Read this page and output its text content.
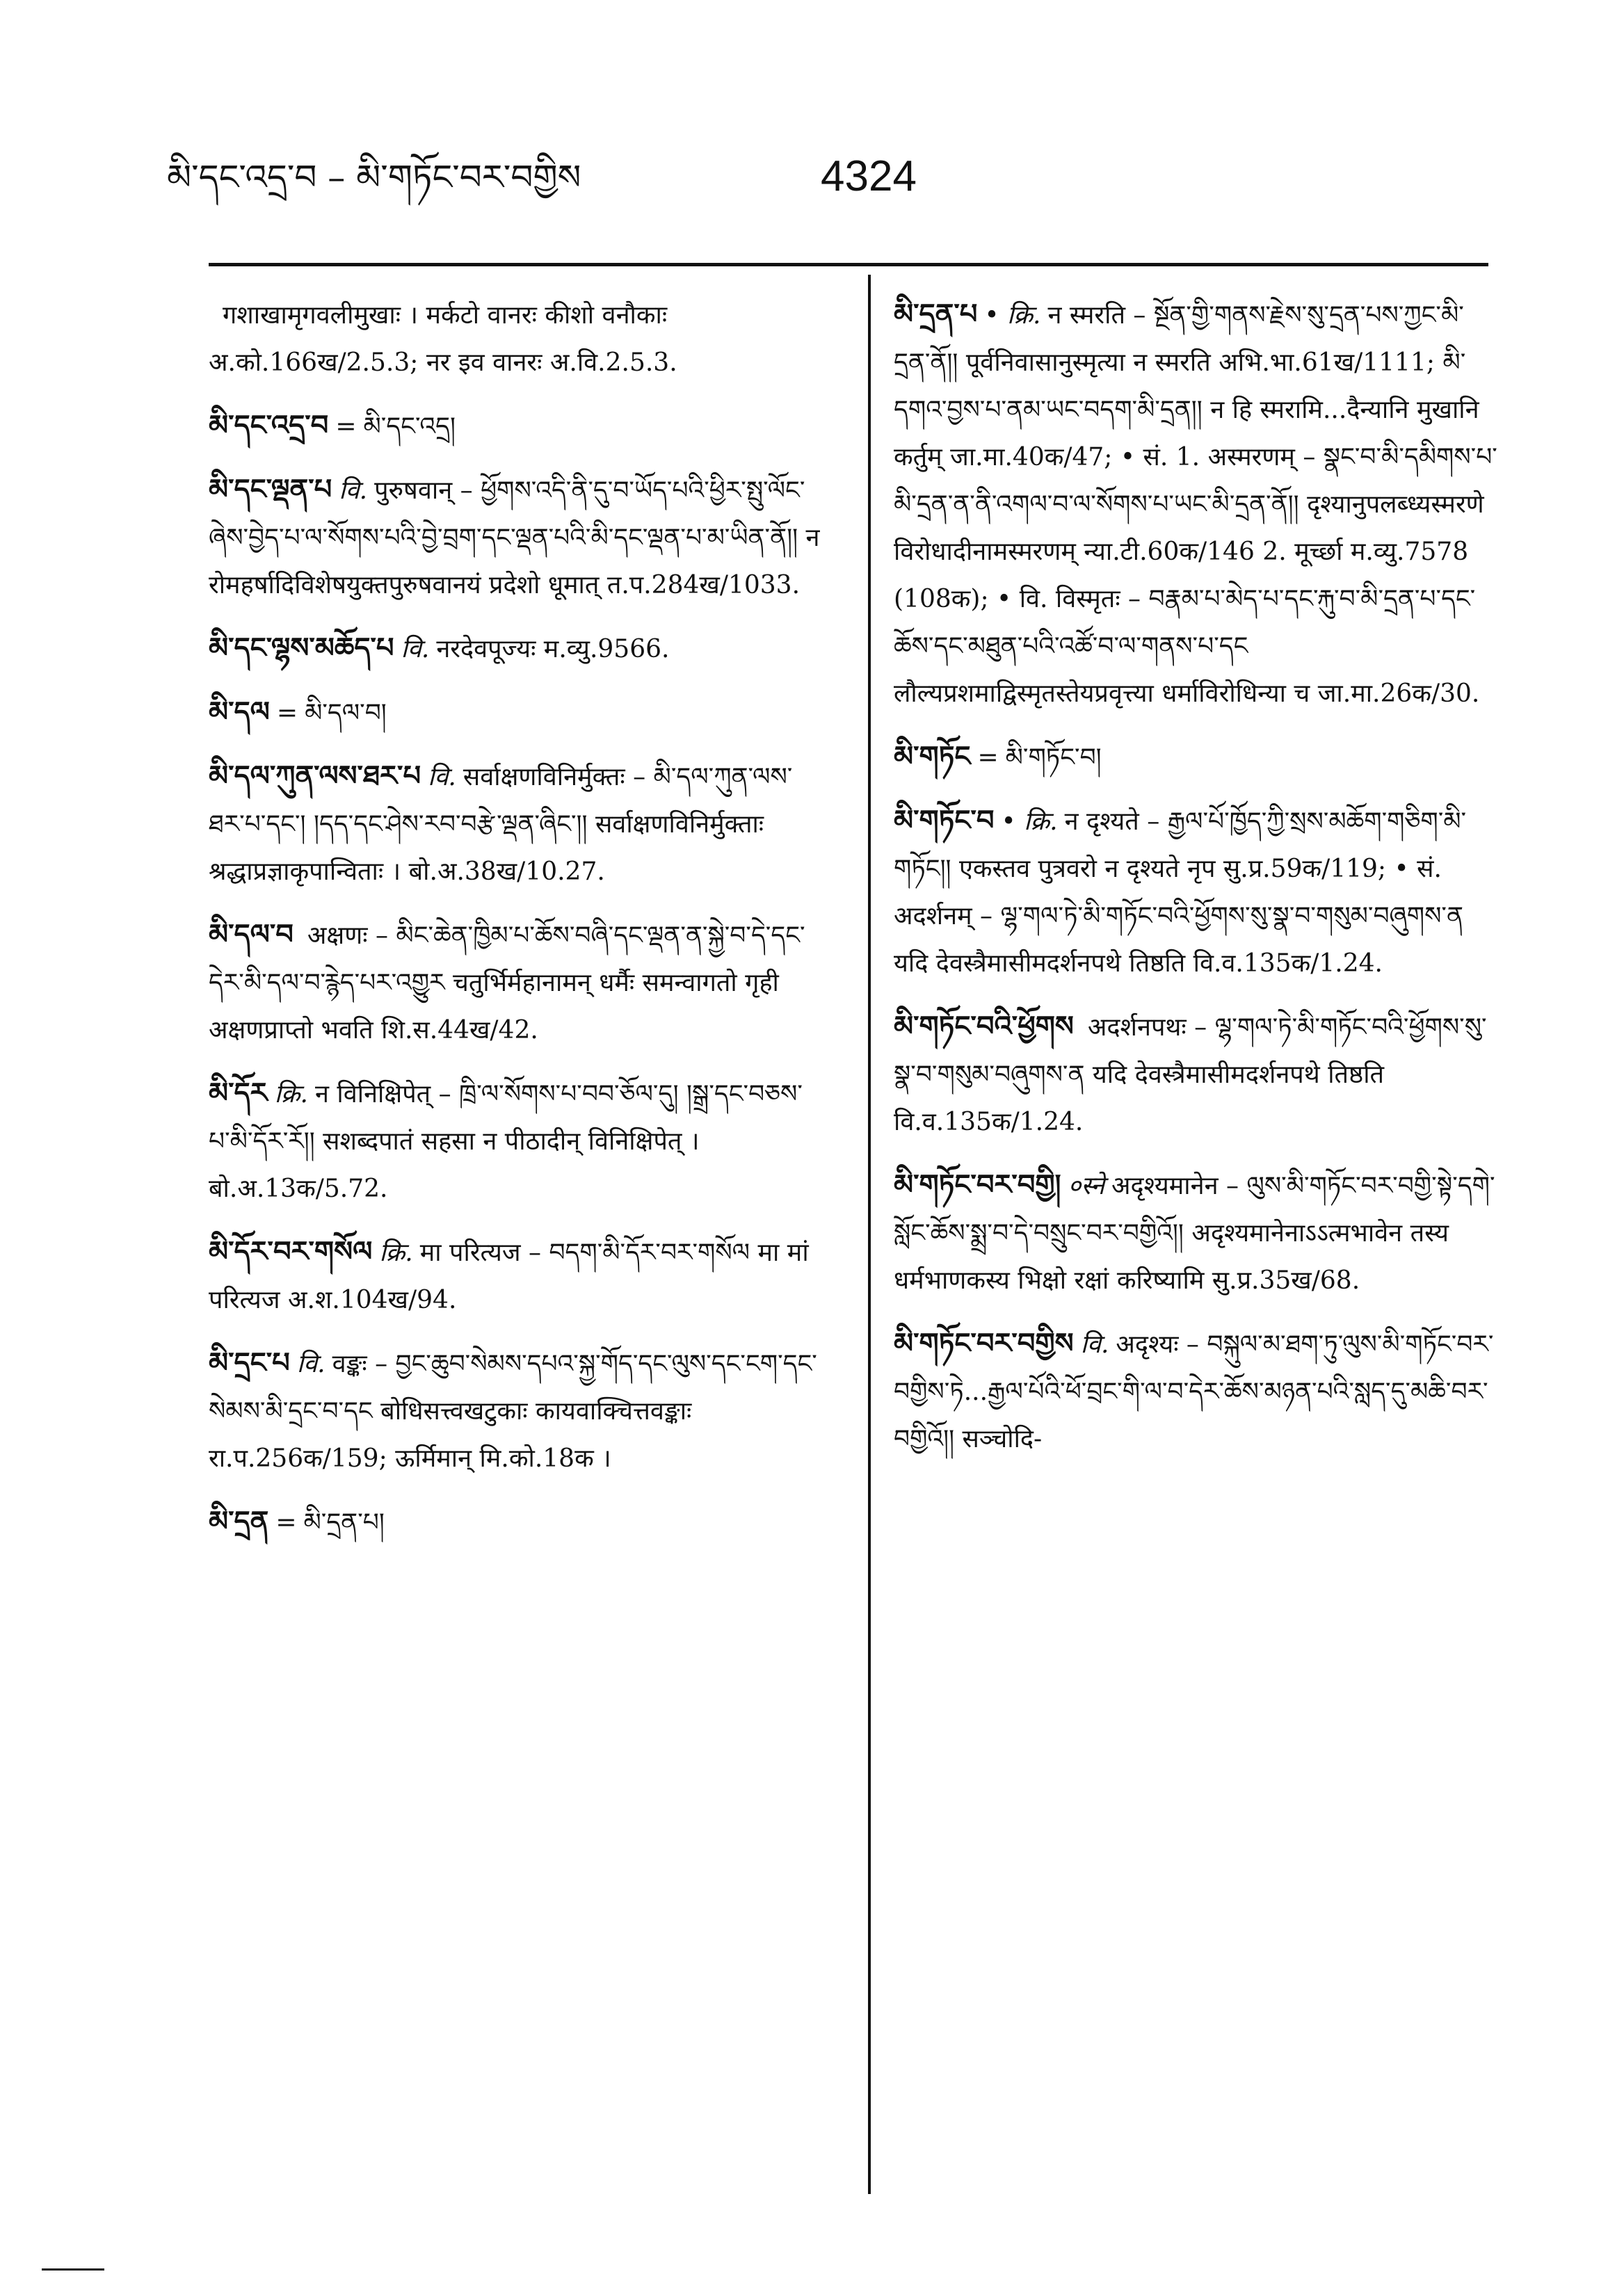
མི་དང་འདྲ་བ – མི་གཏོང་བར་བགྱིས	4324

गशाखामृगवलीमुखाः । मर्कटो वानरः कीशो वनौकाः अ.को.166ख/2.5.3; नर इव वानरः अ.वि.2.5.3.

མི་དང་འདྲ་བ = མི་དང་འདྲ།

མི་དང་ལྡན་པ वि. पुरुषवान् – ཕྱོགས་འདི་ནི་དུ་བ་ཡོད་པའི་ཕྱིར་སྤུ་ལོང་ཞེས་བྱེད་པ་ལ་སོགས་པའི་བྱེ་བྲག་དང་ལྡན་པའི་མི་དང་ལྡན་པ་མ་ཡིན་ནོ།། न रोमहर्षादिविशेषयुक्तपुरुषवानयं प्रदेशो धूमात् त.प.284ख/1033.

མི་དང་ལྷས་མཆོད་པ वि. नरदेवपूज्यः म.व्यु.9566.

མི་དལ = མི་དལ་བ།

མི་དལ་ཀུན་ལས་ཐར་པ वि. सर्वाक्षणविनिर्मुक्तः – མི་དལ་ཀུན་ལས་ཐར་པ་དང་། །དད་དང་ཤེས་རབ་བརྩེ་ལྡན་ཞིང་།། सर्वाक्षणविनिर्मुक्ताः श्रद्धाप्रज्ञाकृपान्विताः । बो.अ.38ख/10.27.

མི་དལ་བ अक्षणः – མིང་ཆེན་ཁྱིམ་པ་ཆོས་བཞི་དང་ལྡན་ན་སྐྱེ་བ་དེ་དང་དེར་མི་དལ་བ་རྙེད་པར་འགྱུར चतुर्भिर्महानामन् धर्मैः समन्वागतो गृही अक्षणप्राप्तो भवति शि.स.44ख/42.

མི་དོར क्रि. न विनिक्षिपेत् – ཁྲི་ལ་སོགས་པ་བབ་ཅོལ་དུ། །སྒྲ་དང་བཅས་པ་མི་དོར་རོ།། सशब्दपातं सहसा न पीठादीन् विनिक्षिपेत् । बो.अ.13क/5.72.

མི་དོར་བར་གསོལ क्रि. मा परित्यज – བདག་མི་དོར་བར་གསོལ मा मां परित्यज अ.श.104ख/94.

མི་དྲང་པ वि. वङ्कः – བྱང་ཆུབ་སེམས་དཔའ་སྐྱ་གོད་དང་ལུས་དང་ངག་དང་སེམས་མི་དྲང་བ་དང बोधिसत्त्वखटुकाः कायवाक्चित्तवङ्काः रा.प.256क/159; ऊर्मिमान् मि.को.18क ।

མི་དྲན = མི་དྲན་པ།

མི་དྲན་པ • क्रि. न स्मरति – སྔོན་གྱི་གནས་རྗེས་སུ་དྲན་པས་ཀྱང་མི་དྲན་ནོ།། पूर्वनिवासानुस्मृत्या न स्मरति अभि.भा.61ख/1111; མི་དགའ་བྱས་པ་ནམ་ཡང་བདག་མི་དྲན།། न हि स्मरामि...दैन्यानि मुखानि कर्तुम् जा.मा.40क/47; • सं. 1. अस्मरणम् – སྣང་བ་མི་དམིགས་པ་མི་དྲན་ན་ནི་འགལ་བ་ལ་སོགས་པ་ཡང་མི་དྲན་ནོ།། दृश्यानुपलब्ध्यस्मरणे विरोधादीनामस्मरणम् न्या.टी.60क/146 2. मूर्च्छा म.व्यु.7578 (108क); • वि. विस्मृतः – བརྣམ་པ་མེད་པ་དང་རྐུ་བ་མི་དྲན་པ་དང་ཆོས་དང་མཐུན་པའི་འཚོ་བ་ལ་གནས་པ་དང लौल्यप्रशमाद्विस्मृतस्तेयप्रवृत्त्या धर्माविरोधिन्या च जा.मा.26क/30.

མི་གཏོང = མི་གཏོང་བ།

མི་གཏོང་བ • क्रि. न दृश्यते – རྒྱལ་པོ་ཁྱོད་ཀྱི་སྲས་མཆོག་གཅིག་མི་གཏོང།། एकस्तव पुत्रवरो न दृश्यते नृप सु.प्र.59क/119; • सं. अदर्शनम् – ལྷ་གལ་ཏེ་མི་གཏོང་བའི་ཕྱོགས་སུ་སྣ་བ་གསུམ་བཞུགས་ན यदि देवस्त्रैमासीमदर्शनपथे तिष्ठति वि.व.135क/1.24.

མི་གཏོང་བའི་ཕྱོགས अदर्शनपथः – ལྷ་གལ་ཏེ་མི་གཏོང་བའི་ཕྱོགས་སུ་སྣ་བ་གསུམ་བཞུགས་ན यदि देवस्त्रैमासीमदर्शनपथे तिष्ठति वि.व.135क/1.24.

མི་གཏོང་བར་བགྱི། ०स्ने अदृश्यमानेन – ལུས་མི་གཏོང་བར་བགྱི་སྟེ་དགེ་སློང་ཆོས་སྨྲ་བ་དེ་བསྲུང་བར་བགྱིའོ།། अदृश्यमानेनाऽऽत्मभावेन तस्य धर्मभाणकस्य भिक्षो रक्षां करिष्यामि सु.प्र.35ख/68.

མི་གཏོང་བར་བགྱིས वि. अदृश्यः – བསྐུལ་མ་ཐག་ཏུ་ལུས་མི་གཏོང་བར་བགྱིས་ཏེ...རྒྱལ་པོའི་ཕོ་བྲང་གི་ལ་བ་དེར་ཆོས་མཉན་པའི་སླད་དུ་མཆི་བར་བགྱིའོ།། सञ्चोदि-
